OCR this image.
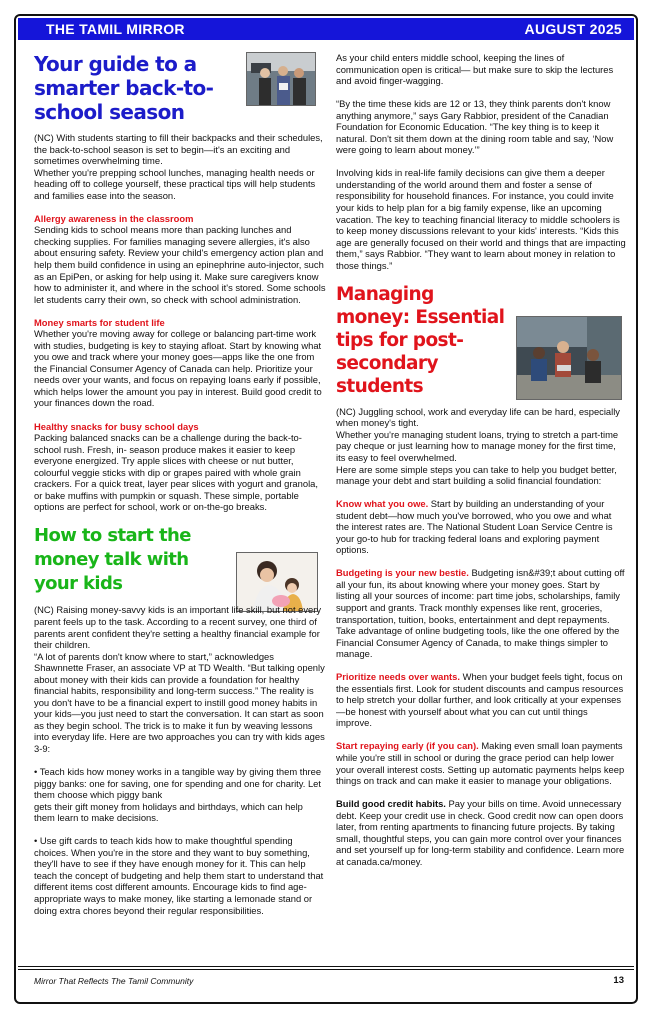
THE TAMIL MIRROR	AUGUST 2025
Your guide to a smarter back-to-school season

(NC) With students starting to fill their backpacks and their schedules, the back-to-school season is set to begin—it's an exciting and sometimes overwhelming time.
Whether you're prepping school lunches, managing health needs or heading off to college yourself, these practical tips will help students and families ease into the season.

Allergy awareness in the classroom

Sending kids to school means more than packing lunches and checking supplies. For families managing severe allergies, it's also about ensuring safety. Review your child's emergency action plan and help them build confidence in using an epinephrine auto-injector, such as an EpiPen, or asking for help using it. Make sure caregivers know how to administer it, and where in the school it's stored. Some schools let students carry their own, so check with school administration.

Money smarts for student life

Whether you're moving away for college or balancing part-time work with studies, budgeting is key to staying afloat. Start by knowing what you owe and track where your money goes—apps like the one from the Financial Consumer Agency of Canada can help. Prioritize your needs over your wants, and focus on repaying loans early if possible, which helps lower the amount you pay in interest. Build good credit to your finances down the road.

Healthy snacks for busy school days

Packing balanced snacks can be a challenge during the back-to-school rush. Fresh, in- season produce makes it easier to keep everyone energized. Try apple slices with cheese or nut butter, colourful veggie sticks with dip or grapes paired with whole grain crackers. For a quick treat, layer pear slices with yogurt and granola, or bake muffins with pumpkin or squash. These simple, portable options are perfect for school, work or on-the-go breaks.

How to start the money talk with your kids

(NC) Raising money-savvy kids is an important life skill, but not every parent feels up to the task. According to a recent survey, one third of parents arent confident they're setting a healthy financial example for their children.
“A lot of parents don't know where to start,” acknowledges Shawnnette Fraser, an associate VP at TD Wealth. “But talking openly about money with their kids can provide a foundation for healthy financial habits, responsibility and long-term success.” The reality is you don't have to be a financial expert to instill good money habits in your kids—you just need to start the conversation. It can start as soon as they begin school. The trick is to make it fun by weaving lessons into everyday life. Here are two approaches you can try with kids ages 3-9:

• Teach kids how money works in a tangible way by giving them three piggy banks: one for saving, one for spending and one for charity. Let them choose which piggy bank
gets their gift money from holidays and birthdays, which can help them learn to make decisions.

• Use gift cards to teach kids how to make thoughtful spending choices. When you're in the store and they want to buy something, they'll have to see if they have enough money for it. This can help teach the concept of budgeting and help them start to understand that different items cost different amounts. Encourage kids to find age-
appropriate ways to make money, like starting a lemonade stand or doing extra chores beyond their regular responsibilities.

As your child enters middle school, keeping the lines of communication open is critical— but make sure to skip the lectures and avoid finger-wagging.

“By the time these kids are 12 or 13, they think parents don't know anything anymore,” says Gary Rabbior, president of the Canadian Foundation for Economic Education. “The key thing is to keep it natural. Don't sit them down at the dining room table and say, ‘Now were going to learn about money.’”

Involving kids in real-life family decisions can give them a deeper understanding of the world around them and foster a sense of responsibility for household finances. For instance, you could invite your kids to help plan for a big family expense, like an upcoming vacation. The key to teaching financial literacy to middle schoolers is to keep money discussions relevant to your kids' interests. “Kids this age are generally focused on their world and things that are impacting them,” says Rabbior. “They want to learn about money in relation to those things.”

Managing money: Essential tips for post-secondary students

(NC) Juggling school, work and everyday life can be hard, especially when money's tight.
Whether you're managing student loans, trying to stretch a part-time pay cheque or just learning how to manage money for the first time, its easy to feel overwhelmed.
Here are some simple steps you can take to help you budget better, manage your debt and start building a solid financial foundation:

Know what you owe. Start by building an understanding of your student debt—how much you've borrowed, who you owe and what the interest rates are. The National Student Loan Service Centre is your go-to hub for tracking federal loans and exploring payment options.

Budgeting is your new bestie. Budgeting isn&#39;t about cutting off all your fun, its about knowing where your money goes. Start by listing all your sources of income: part time jobs, scholarships, family support and grants. Track monthly expenses like rent, groceries, transportation, tuition, books, entertainment and dept repayments. Take advantage of online budgeting tools, like the one offered by the Financial Consumer Agency of Canada, to make things simpler to manage.

Prioritize needs over wants. When your budget feels tight, focus on the essentials first. Look for student discounts and campus resources to help stretch your dollar further, and look critically at your expenses—be honest with yourself about what you can cut until things improve.

Start repaying early (if you can). Making even small loan payments while you're still in school or during the grace period can help lower your overall interest costs. Setting up automatic payments helps keep things on track and can make it easier to manage your obligations.

Build good credit habits. Pay your bills on time. Avoid unnecessary debt. Keep your credit use in check. Good credit now can open doors later, from renting apartments to financing future projects. By taking small, thoughtful steps, you can gain more control over your finances and set yourself up for long-term stability and confidence. Learn more at canada.ca/money.

Mirror That Reflects The Tamil Community	13
